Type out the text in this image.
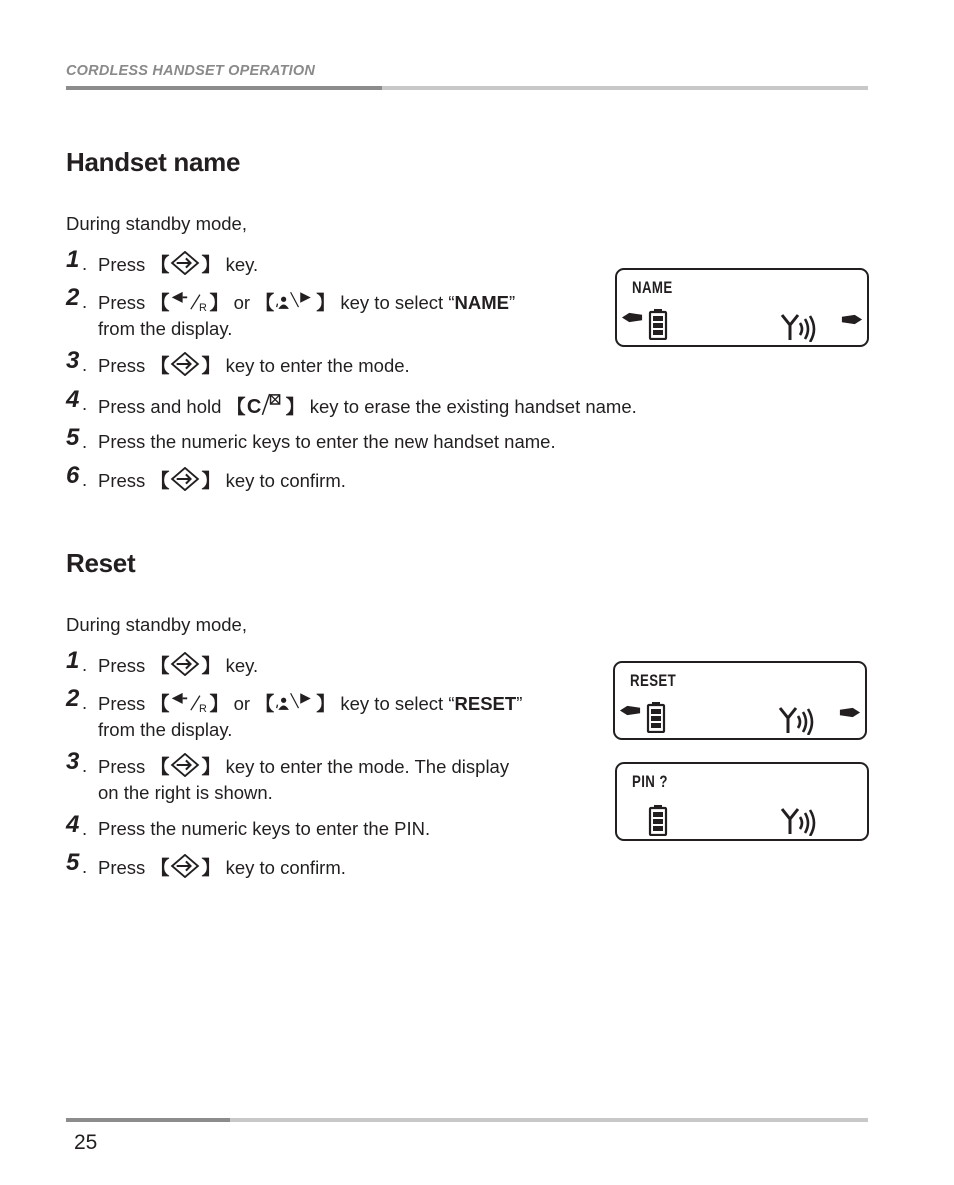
CORDLESS HANDSET OPERATION
Handset name
During standby mode,
1 . Press 【 】 key.
2 . Press 【 】 or 【 】 key to select “NAME”
from the display.
3 . Press 【 】 key to enter the mode.
4 . Press and hold 【 】 key to erase the existing handset name.
5 . Press the numeric keys to enter the new handset name.
6 . Press 【 】 key to confirm.
NAME
Reset
During standby mode,
1 . Press 【 】 key.
2 . Press 【 】 or 【 】 key to select “RESET”
from the display.
3 . Press 【 】 key to enter the mode. The display
on the right is shown.
4 . Press the numeric keys to enter the PIN.
5 . Press 【 】 key to confirm.
RESET
PIN ?
25
